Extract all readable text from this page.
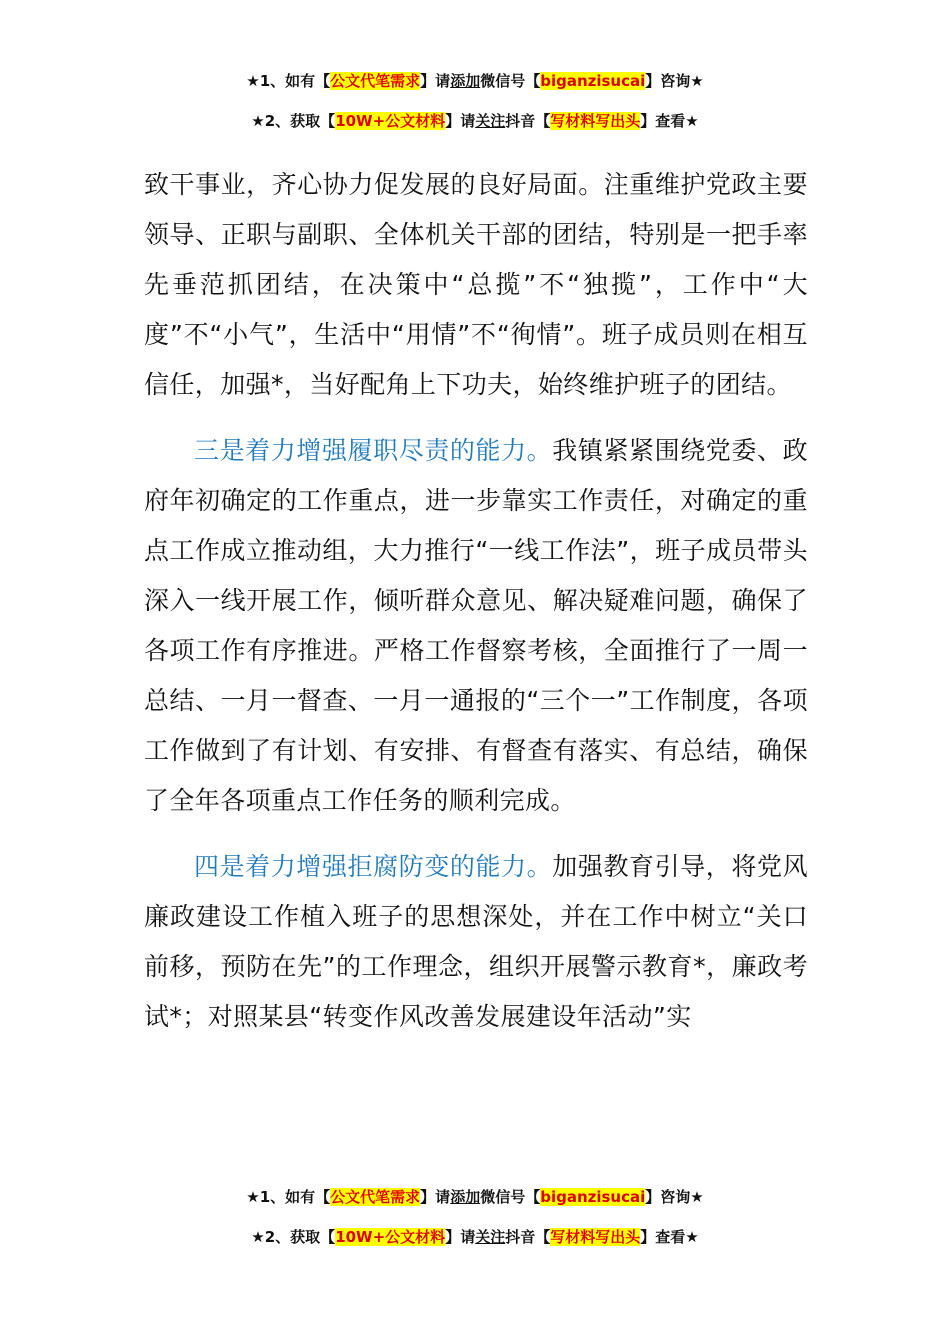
★1、如有【公文代笔需求】请添加微信号【biganzisucai】咨询★
★2、获取【10W+公文材料】请关注抖音【写材料写出头】查看★

致干事业，齐心协力促发展的良好局面。注重维护党政主要领导、正职与副职、全体机关干部的团结，特别是一把手率先垂范抓团结，在决策中“总揽”不“独揽”，工作中“大度”不“小气”，生活中“用情”不“徇情”。班子成员则在相互信任，加强*，当好配角上下功夫，始终维护班子的团结。

三是着力增强履职尽责的能力。我镇紧紧围绕党委、政府年初确定的工作重点，进一步靠实工作责任，对确定的重点工作成立推动组，大力推行“一线工作法”，班子成员带头深入一线开展工作，倾听群众意见、解决疑难问题，确保了各项工作有序推进。严格工作督察考核，全面推行了一周一总结、一月一督查、一月一通报的“三个一”工作制度，各项工作做到了有计划、有安排、有督查有落实、有总结，确保了全年各项重点工作任务的顺利完成。

四是着力增强拒腐防变的能力。加强教育引导，将党风廉政建设工作植入班子的思想深处，并在工作中树立“关口前移，预防在先”的工作理念，组织开展警示教育*，廉政考试*；对照某县“转变作风改善发展建设年活动”实

★1、如有【公文代笔需求】请添加微信号【biganzisucai】咨询★
★2、获取【10W+公文材料】请关注抖音【写材料写出头】查看★
